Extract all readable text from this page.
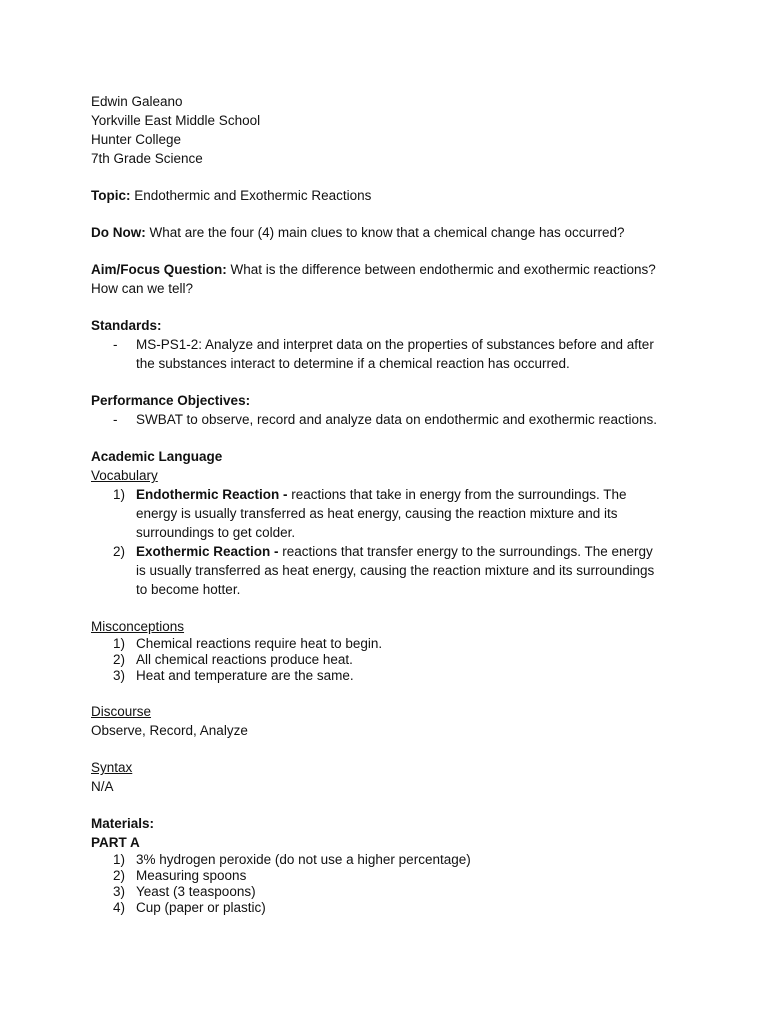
Edwin Galeano
Yorkville East Middle School
Hunter College
7th Grade Science
Topic: Endothermic and Exothermic Reactions
Do Now: What are the four (4) main clues to know that a chemical change has occurred?
Aim/Focus Question: What is the difference between endothermic and exothermic reactions?
How can we tell?
Standards:
- MS-PS1-2: Analyze and interpret data on the properties of substances before and after
the substances interact to determine if a chemical reaction has occurred.
Performance Objectives:
- SWBAT to observe, record and analyze data on endothermic and exothermic reactions.
Academic Language
Vocabulary
1) Endothermic Reaction - reactions that take in energy from the surroundings. The
energy is usually transferred as heat energy, causing the reaction mixture and its
surroundings to get colder.
2) Exothermic Reaction - reactions that transfer energy to the surroundings. The energy
is usually transferred as heat energy, causing the reaction mixture and its surroundings
to become hotter.
Misconceptions
1) Chemical reactions require heat to begin.
2) All chemical reactions produce heat.
3) Heat and temperature are the same.
Discourse
Observe, Record, Analyze
Syntax
N/A
Materials:
PART A
1) 3% hydrogen peroxide (do not use a higher percentage)
2) Measuring spoons
3) Yeast (3 teaspoons)
4) Cup (paper or plastic)
